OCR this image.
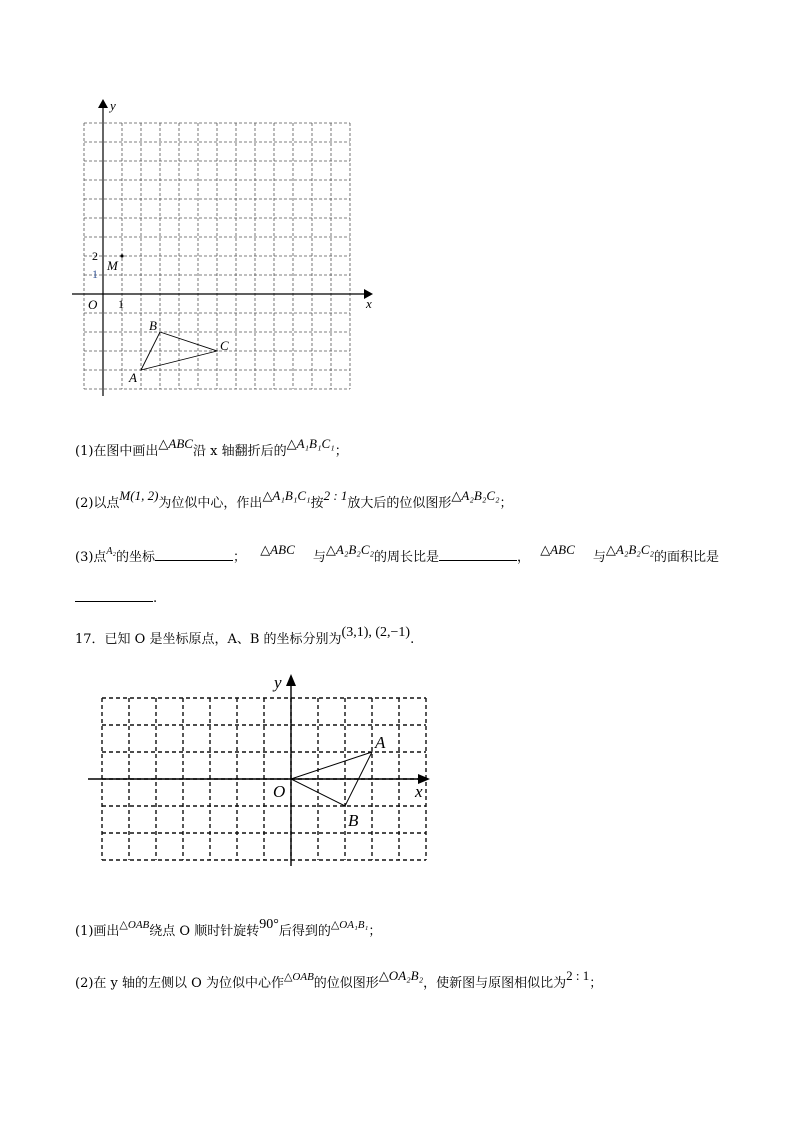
y
x
O 1
1
2
M
A
B
C
(1)在图中画出△ABC沿 x 轴翻折后的△A₁B₁C₁；
(2)以点M(1, 2)为位似中心，作出△A₁B₁C₁按2 : 1放大后的位似图形△A₂B₂C₂；
(3)点$^{A_2}$的坐标	； △ABC 与△A₂B₂C₂的周长比是	， △ABC 与△A₂B₂C₂的面积比是
.
17．已知 O 是坐标原点，A、B 的坐标分别为(3,1), (2,−1).
y
x
O
A
B
(1)画出$^{\triangle OAB}$绕点 O 顺时针旋转90°后得到的$^{\triangle OA_1B_1}$；
(2)在 y 轴的左侧以 O 为位似中心作$^{\triangle OAB}$的位似图形△OA₂B₂，使新图与原图相似比为2 : 1；
